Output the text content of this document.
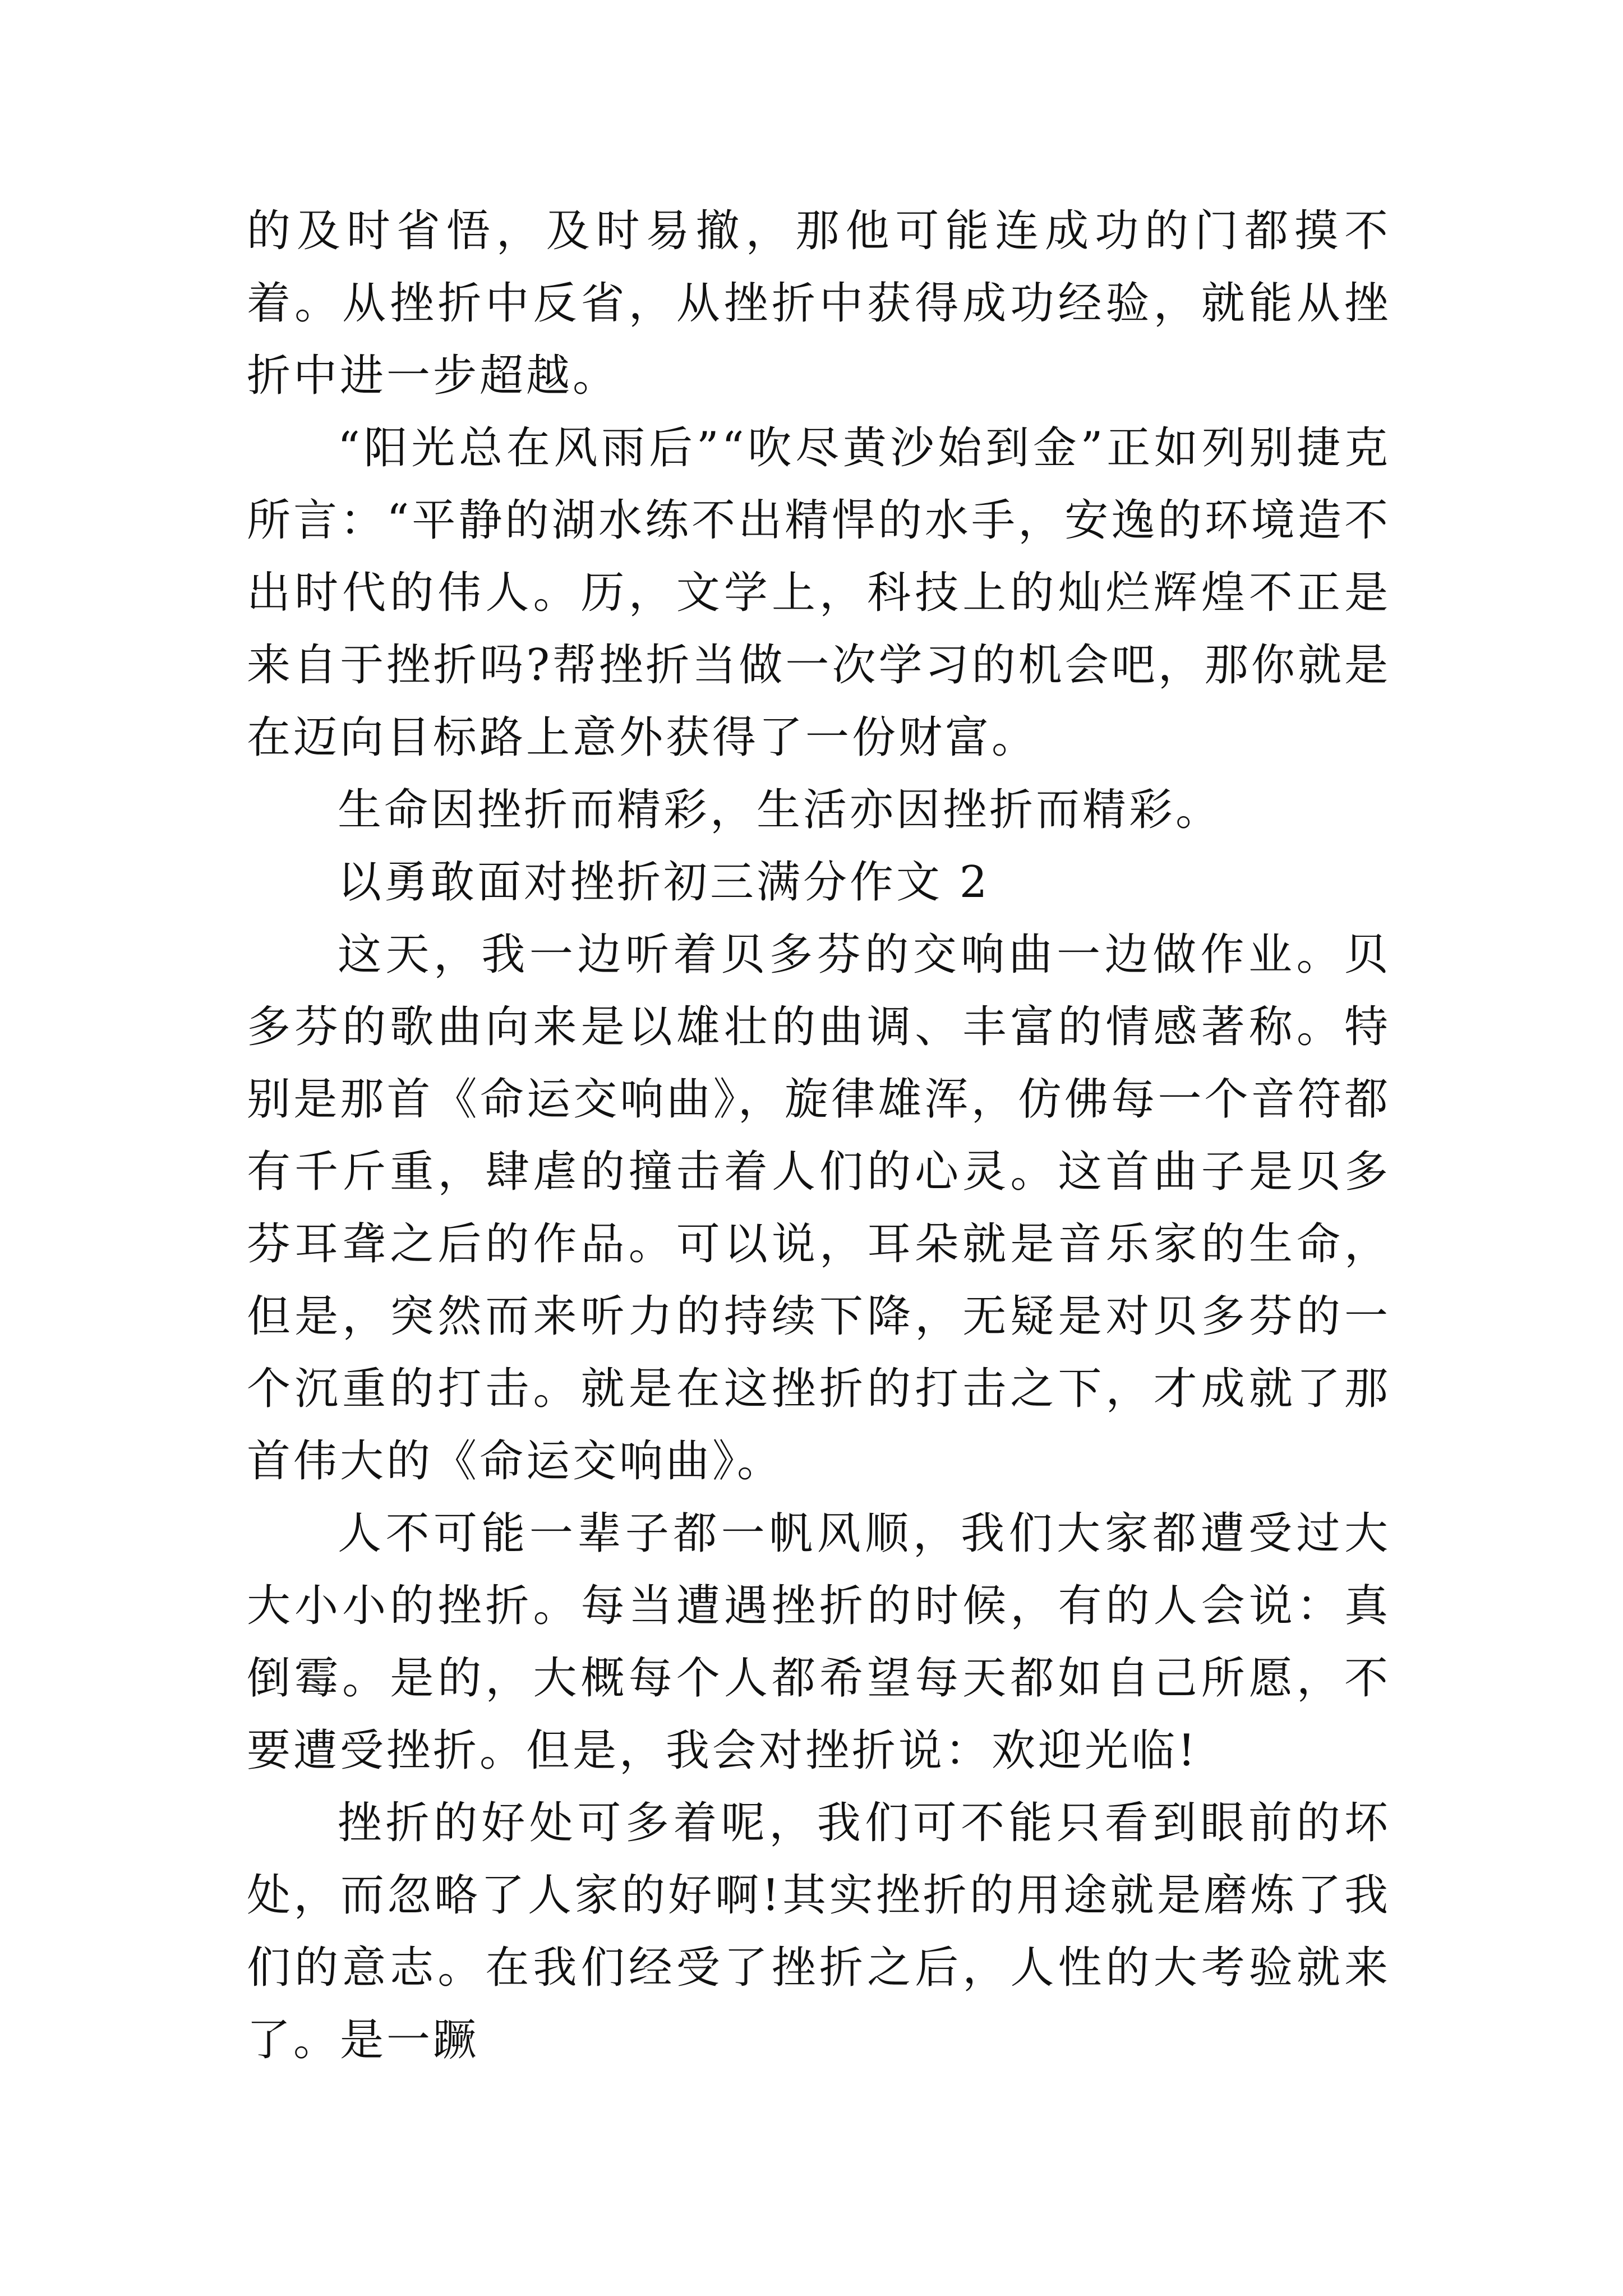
的及时省悟，及时易撤，那他可能连成功的门都摸不着。从挫折中反省，从挫折中获得成功经验，就能从挫折中进一步超越。

“阳光总在风雨后”“吹尽黄沙始到金”正如列别捷克所言：“平静的湖水练不出精悍的水手，安逸的环境造不出时代的伟人。历，文学上，科技上的灿烂辉煌不正是来自于挫折吗?帮挫折当做一次学习的机会吧，那你就是在迈向目标路上意外获得了一份财富。

生命因挫折而精彩，生活亦因挫折而精彩。

以勇敢面对挫折初三满分作文 2

这天，我一边听着贝多芬的交响曲一边做作业。贝多芬的歌曲向来是以雄壮的曲调、丰富的情感著称。特别是那首《命运交响曲》，旋律雄浑，仿佛每一个音符都有千斤重，肆虐的撞击着人们的心灵。这首曲子是贝多芬耳聋之后的作品。可以说，耳朵就是音乐家的生命，但是，突然而来听力的持续下降，无疑是对贝多芬的一个沉重的打击。就是在这挫折的打击之下，才成就了那首伟大的《命运交响曲》。

人不可能一辈子都一帆风顺，我们大家都遭受过大大小小的挫折。每当遭遇挫折的时候，有的人会说：真倒霉。是的，大概每个人都希望每天都如自己所愿，不要遭受挫折。但是，我会对挫折说：欢迎光临!

挫折的好处可多着呢，我们可不能只看到眼前的坏处，而忽略了人家的好啊!其实挫折的用途就是磨炼了我们的意志。在我们经受了挫折之后，人性的大考验就来了。是一蹶
